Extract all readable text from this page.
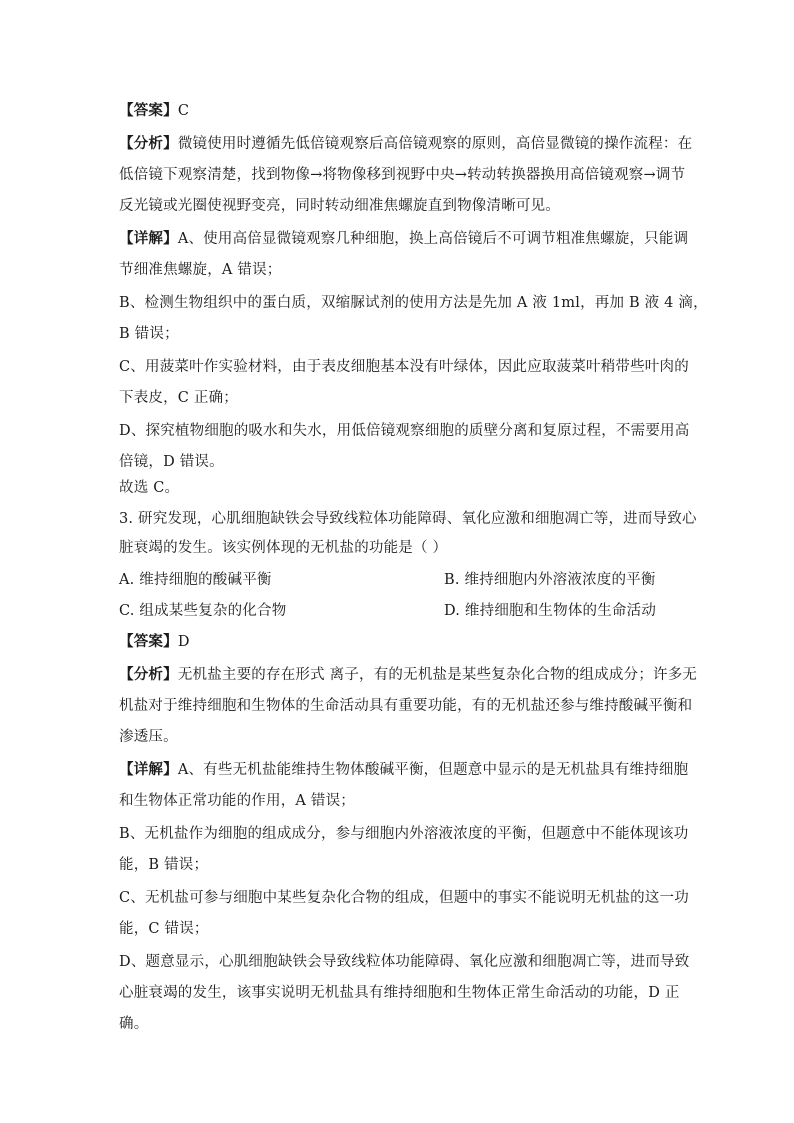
【答案】C
【分析】微镜使用时遵循先低倍镜观察后高倍镜观察的原则，高倍显微镜的操作流程：在
低倍镜下观察清楚，找到物像→将物像移到视野中央→转动转换器换用高倍镜观察→调节
反光镜或光圈使视野变亮，同时转动细准焦螺旋直到物像清晰可见。
【详解】A、使用高倍显微镜观察几种细胞，换上高倍镜后不可调节粗准焦螺旋，只能调
节细准焦螺旋，A 错误；
B、检测生物组织中的蛋白质，双缩脲试剂的使用方法是先加 A 液 1ml，再加 B 液 4 滴，
B 错误；
C、用菠菜叶作实验材料，由于表皮细胞基本没有叶绿体，因此应取菠菜叶稍带些叶肉的
下表皮，C 正确；
D、探究植物细胞的吸水和失水，用低倍镜观察细胞的质壁分离和复原过程，不需要用高
倍镜，D 错误。
故选 C。
3. 研究发现，心肌细胞缺铁会导致线粒体功能障碍、氧化应激和细胞凋亡等，进而导致心
脏衰竭的发生。该实例体现的无机盐的功能是（ ）
A. 维持细胞的酸碱平衡	B. 维持细胞内外溶液浓度的平衡
C. 组成某些复杂的化合物	D. 维持细胞和生物体的生命活动
【答案】D
【分析】无机盐主要的存在形式 离子，有的无机盐是某些复杂化合物的组成成分；许多无
机盐对于维持细胞和生物体的生命活动具有重要功能，有的无机盐还参与维持酸碱平衡和
渗透压。
【详解】A、有些无机盐能维持生物体酸碱平衡，但题意中显示的是无机盐具有维持细胞
和生物体正常功能的作用，A 错误；
B、无机盐作为细胞的组成成分，参与细胞内外溶液浓度的平衡，但题意中不能体现该功
能，B 错误；
C、无机盐可参与细胞中某些复杂化合物的组成，但题中的事实不能说明无机盐的这一功
能，C 错误；
D、题意显示，心肌细胞缺铁会导致线粒体功能障碍、氧化应激和细胞凋亡等，进而导致
心脏衰竭的发生，该事实说明无机盐具有维持细胞和生物体正常生命活动的功能，D 正
确。
